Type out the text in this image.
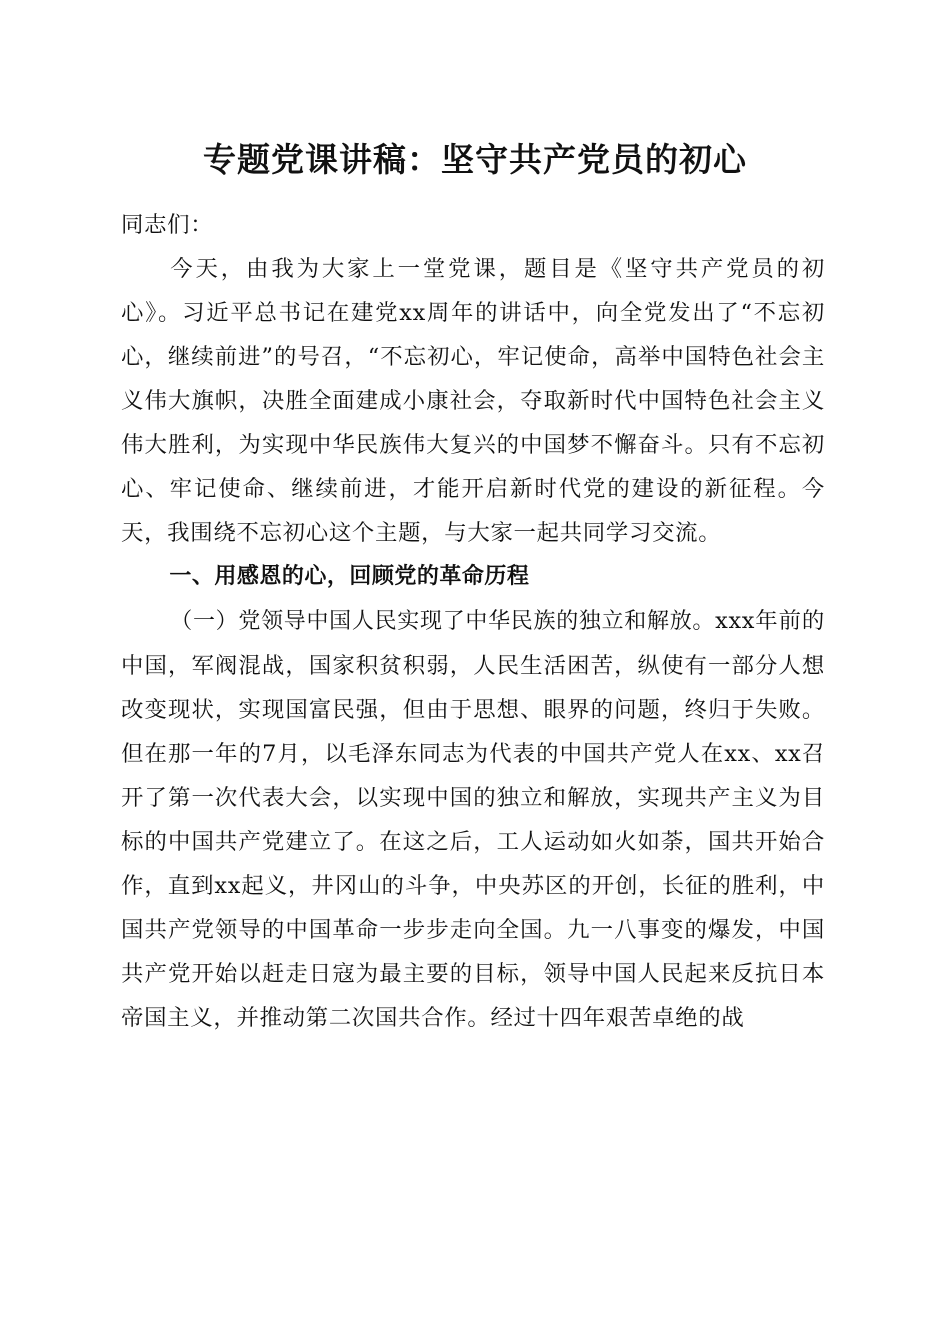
专题党课讲稿：坚守共产党员的初心

同志们：

今天，由我为大家上一堂党课，题目是《坚守共产党员的初心》。习近平总书记在建党xx周年的讲话中，向全党发出了“不忘初心，继续前进”的号召，“不忘初心，牢记使命，高举中国特色社会主义伟大旗帜，决胜全面建成小康社会，夺取新时代中国特色社会主义伟大胜利，为实现中华民族伟大复兴的中国梦不懈奋斗。只有不忘初心、牢记使命、继续前进，才能开启新时代党的建设的新征程。今天，我围绕不忘初心这个主题，与大家一起共同学习交流。

一、用感恩的心，回顾党的革命历程

（一）党领导中国人民实现了中华民族的独立和解放。xxx年前的中国，军阀混战，国家积贫积弱，人民生活困苦，纵使有一部分人想改变现状，实现国富民强，但由于思想、眼界的问题，终归于失败。但在那一年的7月，以毛泽东同志为代表的中国共产党人在xx、xx召开了第一次代表大会，以实现中国的独立和解放，实现共产主义为目标的中国共产党建立了。在这之后，工人运动如火如荼，国共开始合作，直到xx起义，井冈山的斗争，中央苏区的开创，长征的胜利，中国共产党领导的中国革命一步步走向全国。九一八事变的爆发，中国共产党开始以赶走日寇为最主要的目标，领导中国人民起来反抗日本帝国主义，并推动第二次国共合作。经过十四年艰苦卓绝的战
